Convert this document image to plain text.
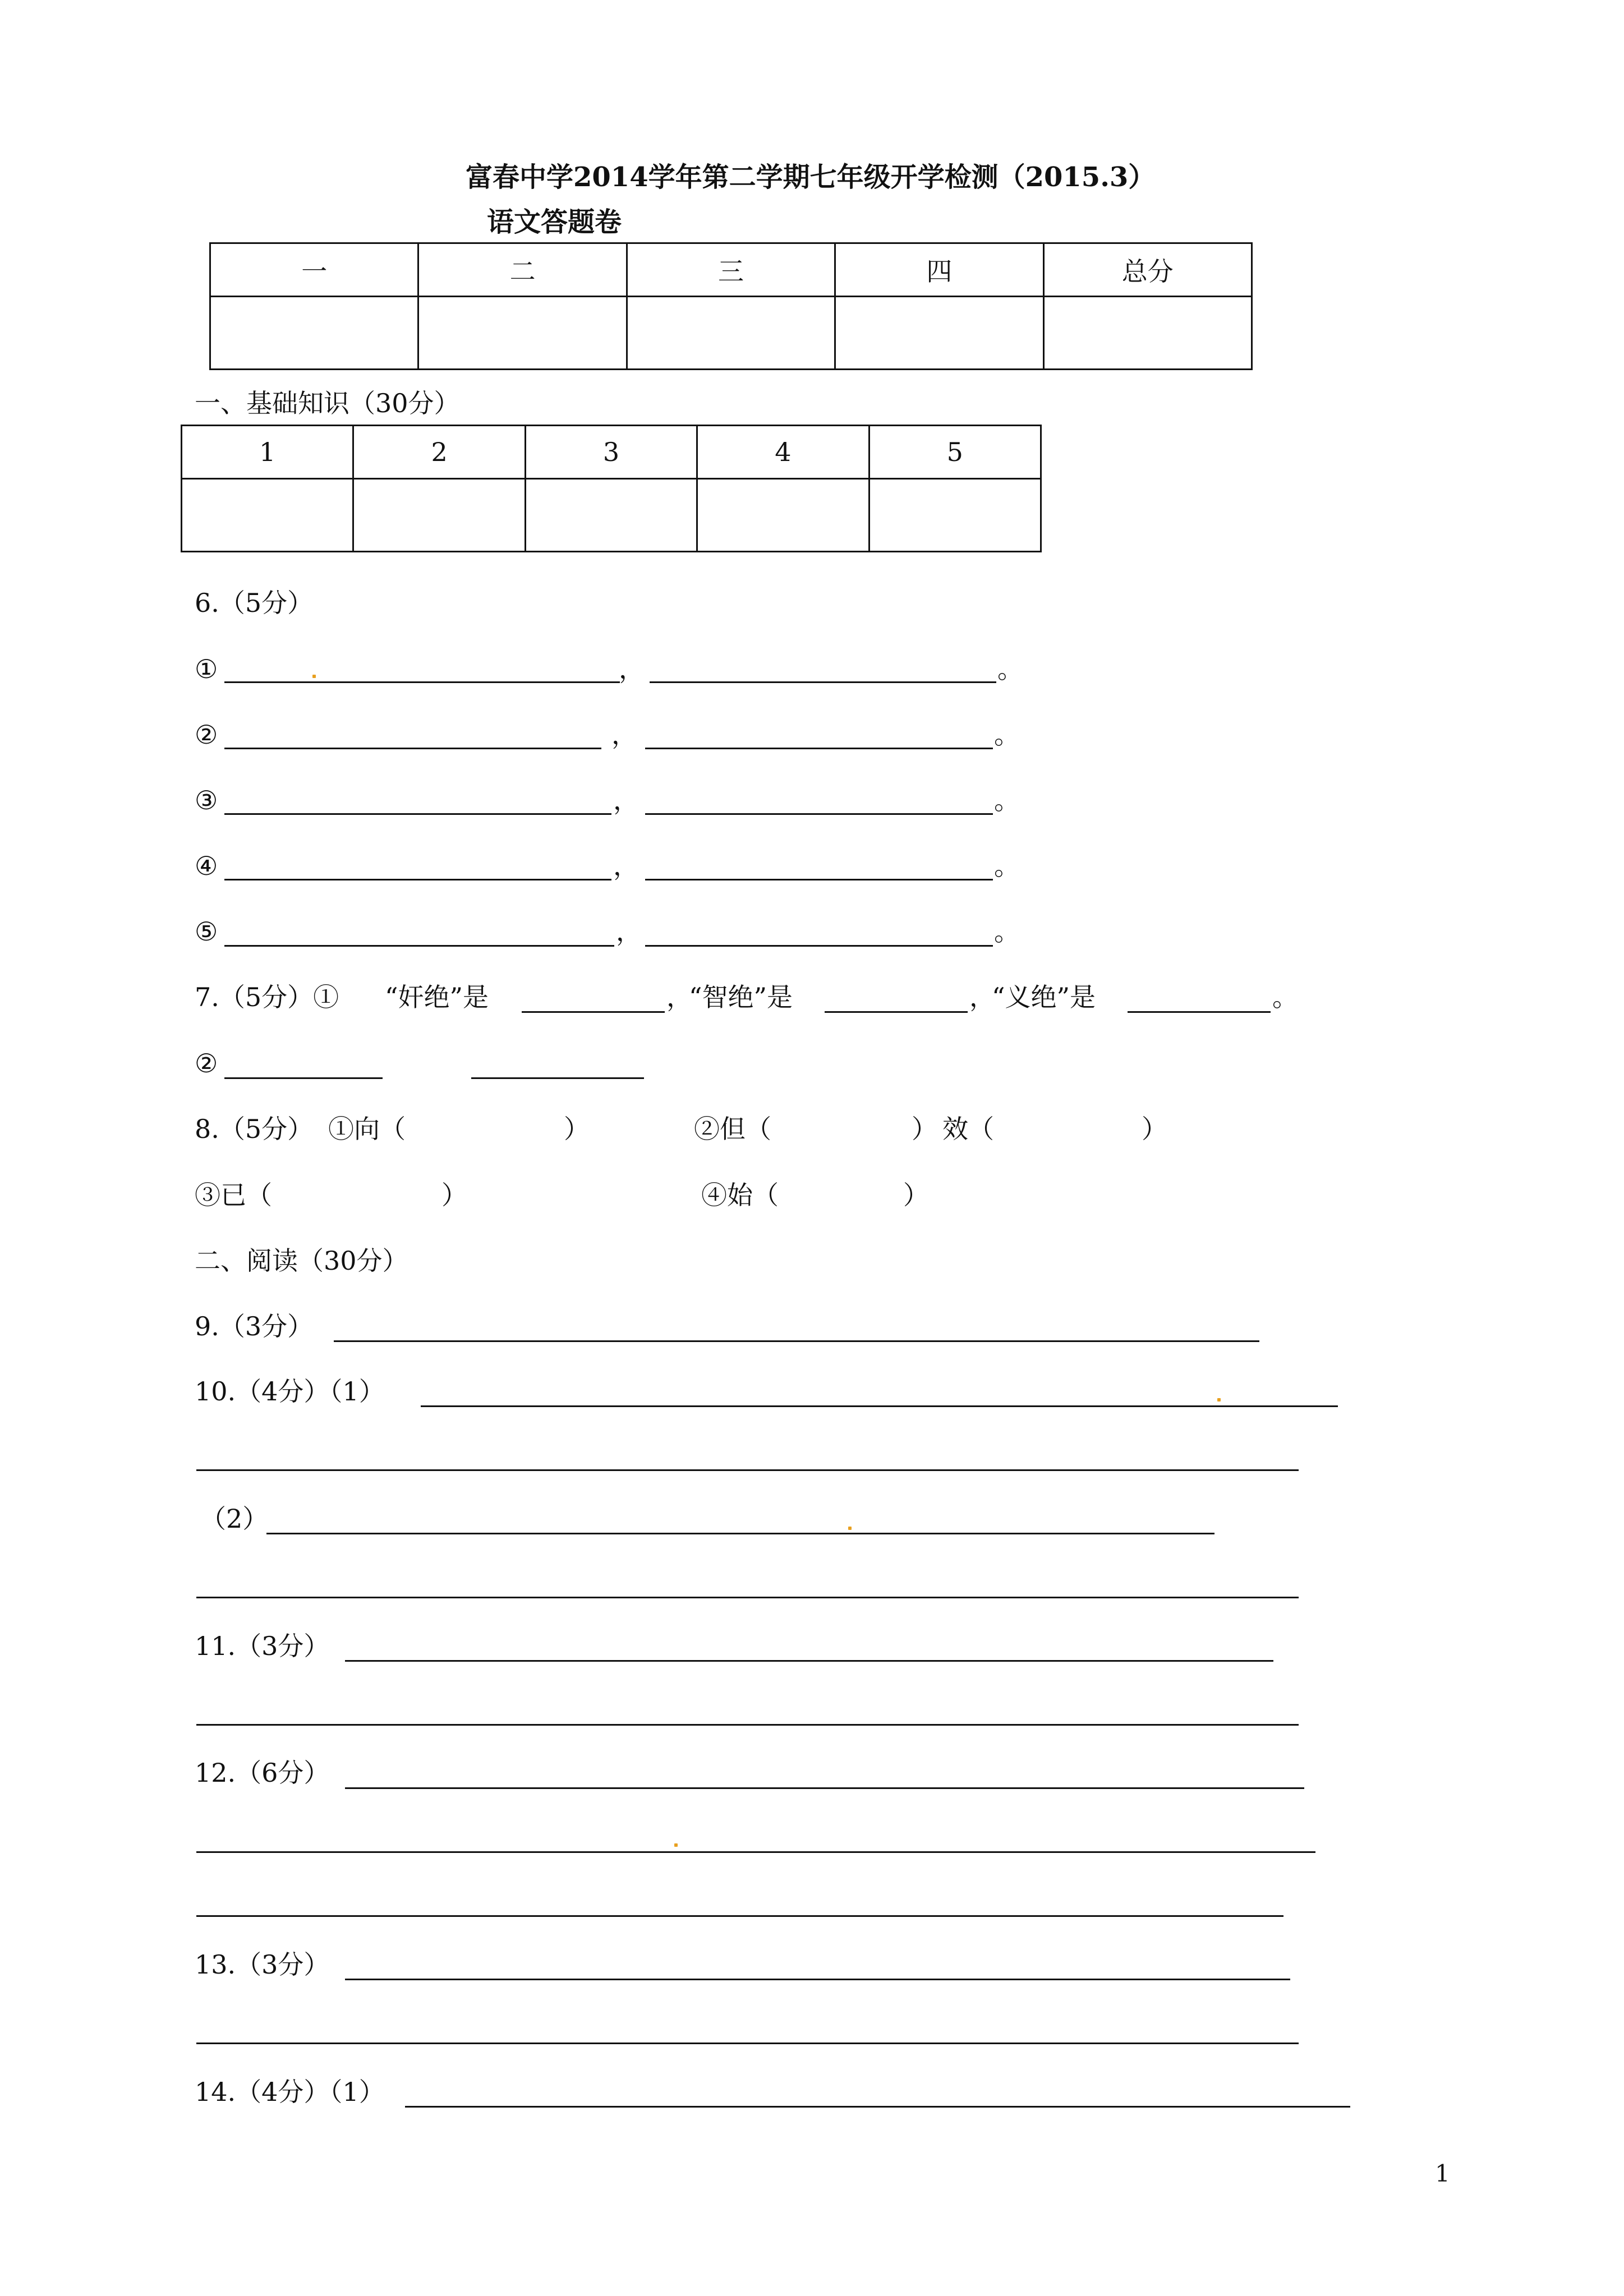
富春中学2014学年第二学期七年级开学检测（2015.3）
语文答题卷
一	二	三	四	总分

一、基础知识（30分）
1	2	3	4	5

6.（5分）
①	，	。
②	，	。
③	，	。
④	，	。
⑤	，	。
7.（5分）① “奸绝”是	，
“智绝”是	，
“义绝”是	。
②
8.（5分） ①向（	）	②但（	） 效（	）
③已（	）	④始（	）
二、阅读（30分）
9.（3分）
10.（4分）（1）
（2）
11.（3分）
12.（6分）
13.（3分）
14.（4分）（1）
1
